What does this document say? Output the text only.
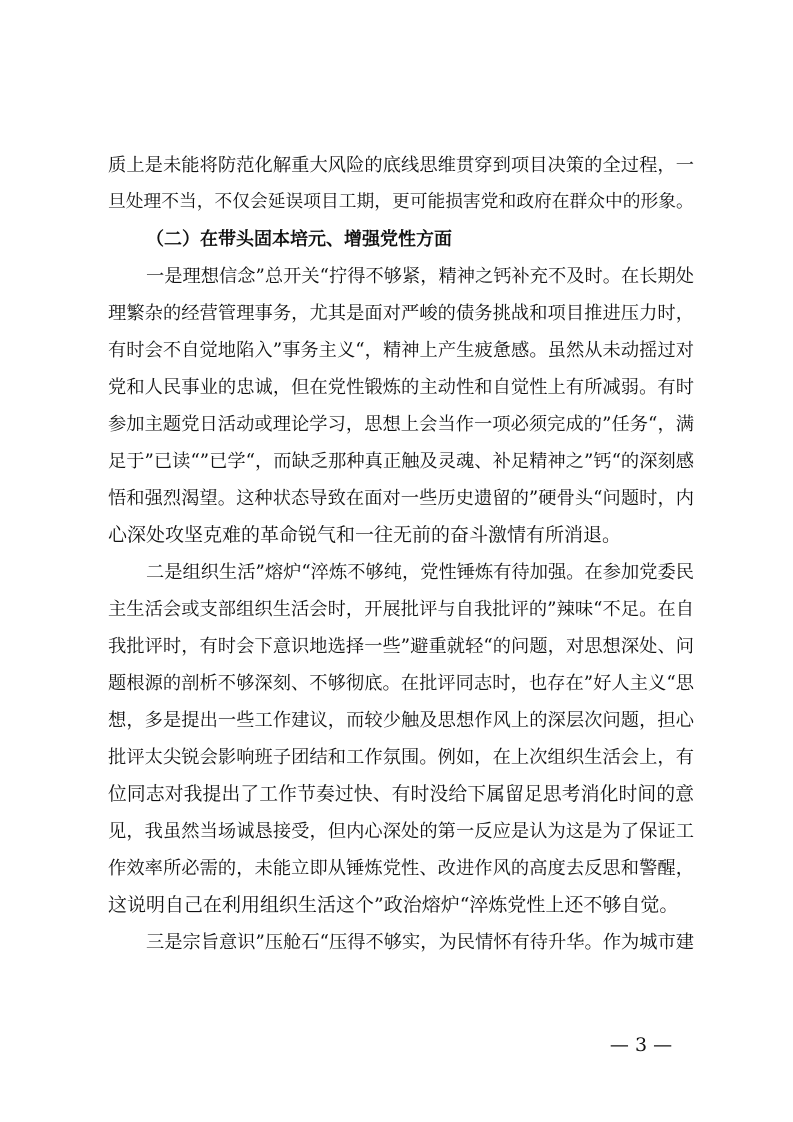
质上是未能将防范化解重大风险的底线思维贯穿到项目决策的全过程，一
旦处理不当，不仅会延误项目工期，更可能损害党和政府在群众中的形象。
（二）在带头固本培元、增强党性方面
一是理想信念”总开关“拧得不够紧，精神之钙补充不及时。在长期处
理繁杂的经营管理事务，尤其是面对严峻的债务挑战和项目推进压力时，
有时会不自觉地陷入”事务主义“，精神上产生疲惫感。虽然从未动摇过对
党和人民事业的忠诚，但在党性锻炼的主动性和自觉性上有所减弱。有时
参加主题党日活动或理论学习，思想上会当作一项必须完成的”任务“，满
足于”已读“”已学“，而缺乏那种真正触及灵魂、补足精神之”钙“的深刻感
悟和强烈渴望。这种状态导致在面对一些历史遗留的”硬骨头“问题时，内
心深处攻坚克难的革命锐气和一往无前的奋斗激情有所消退。
二是组织生活”熔炉“淬炼不够纯，党性锤炼有待加强。在参加党委民
主生活会或支部组织生活会时，开展批评与自我批评的”辣味“不足。在自
我批评时，有时会下意识地选择一些”避重就轻“的问题，对思想深处、问
题根源的剖析不够深刻、不够彻底。在批评同志时，也存在”好人主义“思
想，多是提出一些工作建议，而较少触及思想作风上的深层次问题，担心
批评太尖锐会影响班子团结和工作氛围。例如，在上次组织生活会上，有
位同志对我提出了工作节奏过快、有时没给下属留足思考消化时间的意
见，我虽然当场诚恳接受，但内心深处的第一反应是认为这是为了保证工
作效率所必需的，未能立即从锤炼党性、改进作风的高度去反思和警醒，
这说明自己在利用组织生活这个”政治熔炉“淬炼党性上还不够自觉。
三是宗旨意识”压舱石“压得不够实，为民情怀有待升华。作为城市建
— 3 —
